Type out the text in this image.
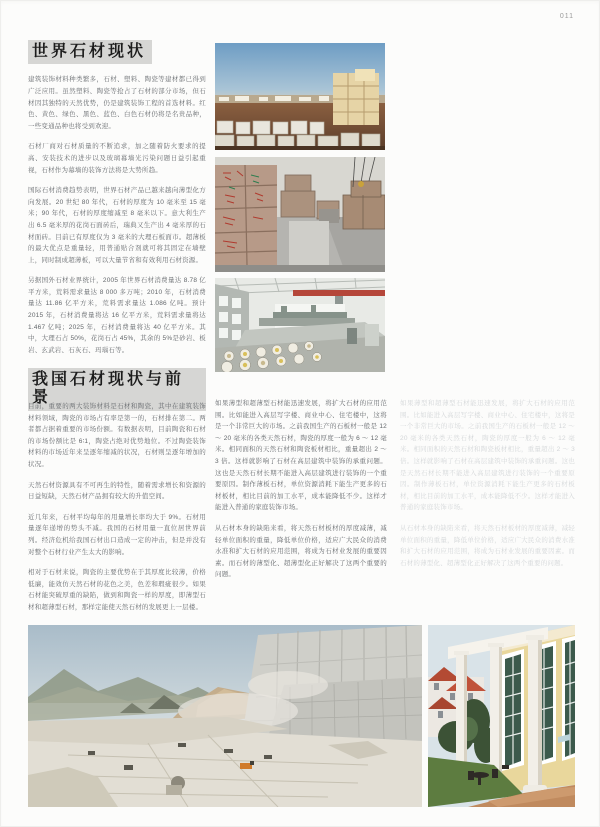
011
世界石材现状

建筑装饰材料种类繁多，石材、塑料、陶瓷等建材都已得到广泛应用。虽然塑料、陶瓷等抢占了石材的部分市场，但石材因其独特的天然优势，仍是建筑装饰工程的首选材料。红色、黄色、绿色、黑色、蓝色、白色石材仍将是名贵品种，一些变通品种也将受到欢迎。

石材厂商对石材质量的不断追求，加之随着防火要求的提高、安装技术的进步以及玻璃幕墙光污染问题日益引起重视，石材作为幕墙的装饰方法将是大势所趋。

国际石材消费趋势表明，世界石材产品已越来越向薄型化方向发展。20 世纪 80 年代，石材的厚度为 10 毫米至 15 毫米；90 年代，石材的厚度缩减至 8 毫米以下。意大利生产出 6.5 毫米厚的花岗石面砖后，瑞典又生产出 4 毫米厚的石材面砖。目前已有厚度仅为 3 毫米的大理石板面市。超薄板的最大优点是重量轻，用普通贴合剂就可将其固定在墙壁上，同时制成超薄板，可以大量节省和有效利用石材资源。

另据国外石材业界统计，2005 年世界石材消费量达 8.78 亿平方米，荒料需求量达 8 000 多万吨；2010 年，石材消费量达 11.86 亿平方米，荒料需求量达 1.086 亿吨。预计 2015 年，石材消费量将达 16 亿平方米，荒料需求量将达 1.467 亿吨；2025 年，石材消费量将达 40 亿平方米。其中，大理石占 50%，花岗石占 45%，其余的 5%是砂岩、板岩、玄武岩、石灰石、玛瑙石等。

我国石材现状与前景

目前，重要的两大装饰材料是石材和陶瓷，其中在建筑装饰材料领域，陶瓷的市场占有率是第一的，石材排在第二。两者都占据着重要的市场份额。有数据表明，目前陶瓷和石材的市场份额比是 6∶1，陶瓷占绝对优势地位。不过陶瓷装饰材料的市场近年来呈逐年缩减的状况，石材则呈逐年增加的状况。

天然石材资源具有不可再生的特性，随着需求增长和资源的日益短缺，天然石材产品拥有较大的升值空间。

近几年来，石材平均每年的用量增长率均大于 9%。石材用量逐年递增的势头不减。我国的石材用量一直位居世界前列。经济危机给我国石材出口造成一定的冲击，但是并没有对整个石材行业产生太大的影响。

相对于石材来说，陶瓷的主要优势在于其厚度比较薄，价格低廉，能效仿天然石材的花色之美，色差和瑕疵很少。如果石材能突破厚重的缺陷，做到和陶瓷一样的厚度，即薄型石材和超薄型石材，那样定能使天然石材的发展更上一层楼。

如果薄型和超薄型石材能迅速发展，将扩大石材的应用范围。比如能进入高层写字楼、商业中心、住宅楼中，这将是一个非常巨大的市场。之前我国生产的石板材一般是 12 ～ 20 毫米的各类天然石材，陶瓷的厚度一般为 6 ～ 12 毫米。相同面积的天然石材和陶瓷板材相比，重量超出 2 ～ 3 倍。这样就影响了石材在高层建筑中装饰的承重问题。这也是天然石材长期不能进入高层建筑进行装饰的一个重要原因。制作薄板石材，单位资源消耗下能生产更多的石材板材，相比目前的加工水平，成本能降低不少。这样才能进入普通的家庭装饰市场。

从石材本身的缺陷来看，将天然石材板材的厚度减薄，减轻单位面积的重量，降低单位价格，适应广大民众的消费水准和扩大石材的应用范围，将成为石材业发展的重要因素。而石材的薄型化、超薄型化正好解决了这两个重要的问题。

如果薄型和超薄型石材能迅速发展，将扩大石材的应用范围。比如能进入高层写字楼、商业中心、住宅楼中，这将是一个非常巨大的市场。之前我国生产的石板材一般是 12 ～ 20 毫米的各类天然石材，陶瓷的厚度一般为 6 ～ 12 毫米。相同面积的天然石材和陶瓷板材相比，重量超出 2 ～ 3 倍。这样就影响了石材在高层建筑中装饰的承重问题。这也是天然石材长期不能进入高层建筑进行装饰的一个重要原因。制作薄板石材，单位资源消耗下能生产更多的石材板材，相比目前的加工水平，成本能降低不少。这样才能进入普通的家庭装饰市场。

从石材本身的缺陷来看，将天然石材板材的厚度减薄，减轻单位面积的重量，降低单位价格，适应广大民众的消费水准和扩大石材的应用范围，将成为石材业发展的重要因素。而石材的薄型化、超薄型化正好解决了这两个重要的问题。
